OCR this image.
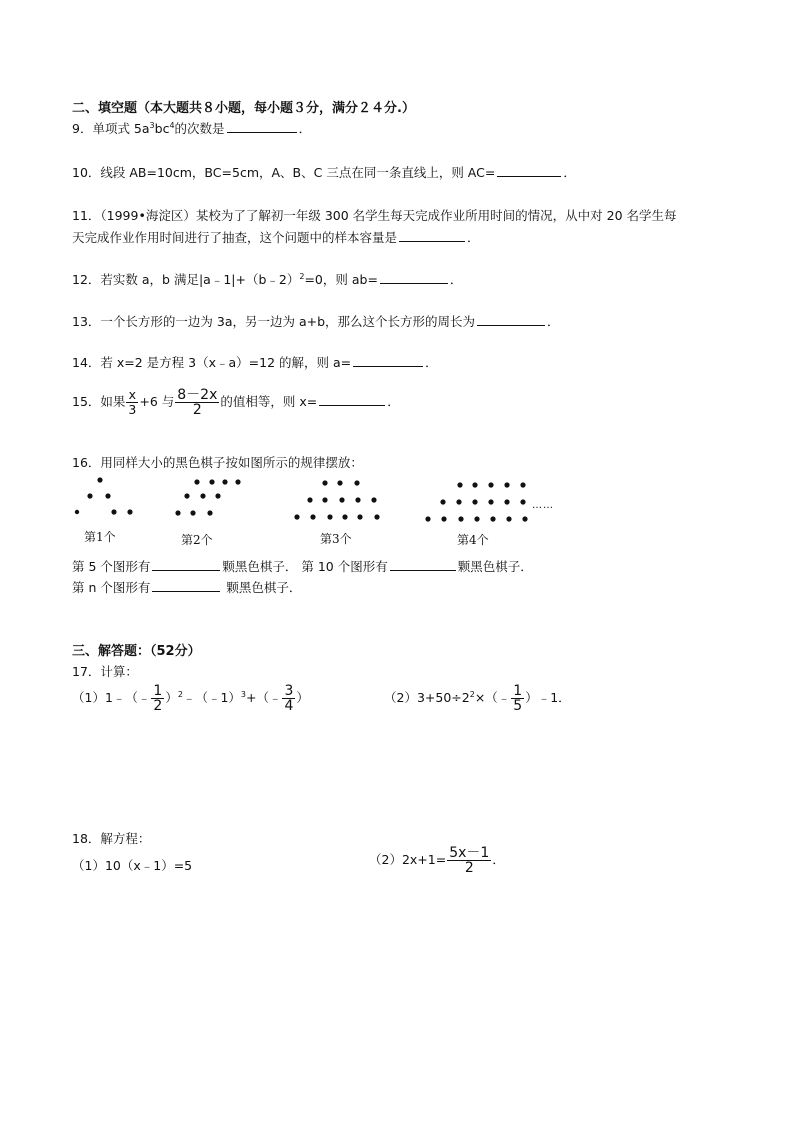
二、填空题（本大题共８小题，每小题３分，满分２４分.）
9．单项式 $5a^3bc^4$的次数是	．
10．线段 AB=10cm，BC=5cm，A、B、C 三点在同一条直线上，则 AC=	．
11．（1999•海淀区）某校为了了解初一年级 300 名学生每天完成作业所用时间的情况，从中对 20 名学生每
天完成作业作用时间进行了抽查，这个问题中的样本容量是	．
12．若实数 a，b 满足|a﹣1|+（b﹣2）$^2$=0，则 ab=	．
13．一个长方形的一边为 3a，另一边为 a+b，那么这个长方形的周长为	．
14．若 x=2 是方程 3（x﹣a）=12 的解，则 a=	．
15．如果 $\frac{x}{3} +6$ 与 $\frac{8-2x}{2}$ 的值相等，则 x=	．
16．用同样大小的黑色棋子按如图所示的规律摆放：
……
第1个	第2个	第3个	第4个
第 5 个图形有	颗黑色棋子． 第 10 个图形有	颗黑色棋子．
第 n 个图形有	颗黑色棋子．
三、解答题：（52分）
17．计算：
（1）1﹣（﹣ $\frac{1}{2}$ ）$^2$﹣（﹣1）$^3$+（﹣ $\frac{3}{4}$ ）	$(2)3+50\div 2^2\times(﹣ \frac{1}{5}$ ）﹣1．
18．解方程：
（1）10（x﹣1）=5	$(2)2x+1= \frac{5x-1}{2}$ ．
